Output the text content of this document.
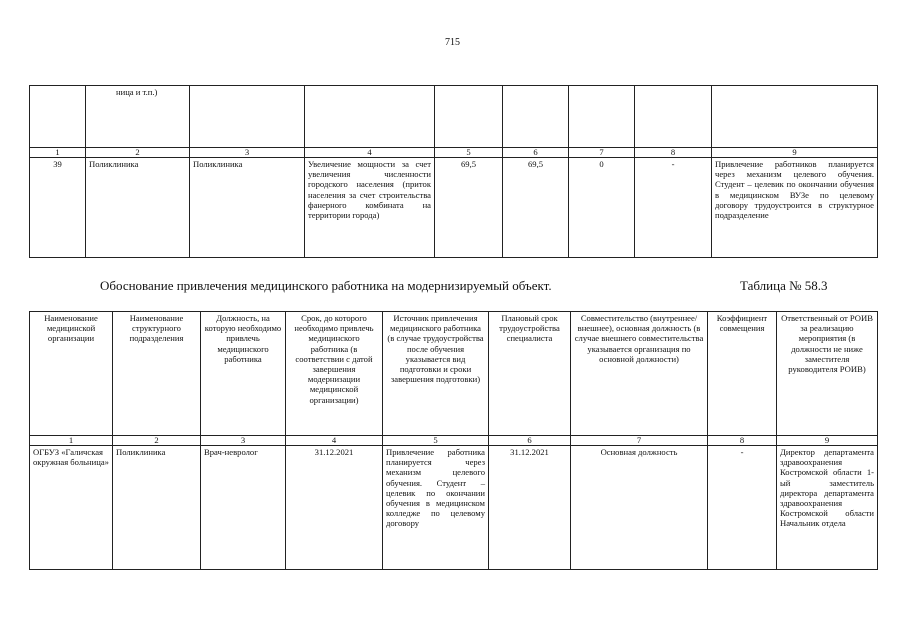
715
	ница и т.п.)							
1	2	3	4	5	6	7	8	9
39	Поликлиника	Поликлиника	Увеличение мощности за счет увеличения численности городского населения (приток населения за счет строительства фанерного комбината на территории города)	69,5	69,5	0	-	Привлечение работников планируется через механизм целевого обучения. Студент – целевик по окончании обучения в медицинском ВУЗе по целевому договору трудоустроится в структурное подразделение
Обоснование привлечения медицинского работника на модернизируемый объект.	Таблица № 58.3
Наименование медицинской организации	Наименование структурного подразделения	Должность, на которую необходимо привлечь медицинского работника	Срок, до которого необходимо привлечь медицинского работника (в соответствии с датой завершения модернизации медицинской организации)	Источник привлечения медицинского работника (в случае трудоустройства после обучения указывается вид подготовки и сроки завершения подготовки)	Плановый срок трудоустройства специалиста	Совместительство (внутреннее/внешнее), основная должность (в случае внешнего совместительства указывается организация по основной должности)	Коэффициент совмещения	Ответственный от РОИВ за реализацию мероприятия (в должности не ниже заместителя руководителя РОИВ)
1	2	3	4	5	6	7	8	9
ОГБУЗ «Галичская окружная больница»	Поликлиника	Врач-невролог	31.12.2021	Привлечение работника планируется через механизм целевого обучения. Студент – целевик по окончании обучения в медицинском колледже по целевому договору	31.12.2021	Основная должность	-	Директор департамента здравоохранения Костромской области 1-ый заместитель директора департамента здравоохранения Костромской области Начальник отдела
